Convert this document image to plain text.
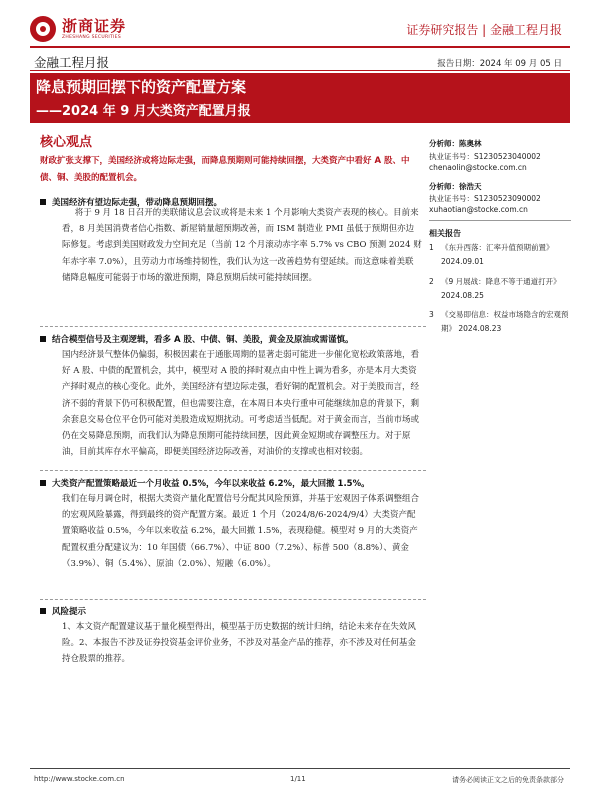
浙商证券
ZHESHANG SECURITIES	证券研究报告 | 金融工程月报
金融工程月报	报告日期：2024 年 09 月 05 日
降息预期回摆下的资产配置方案
——2024 年 9 月大类资产配置月报
核心观点
财政扩张支撑下，美国经济或将边际走强，而降息预期则可能持续回摆，大类资产中看好 A 股、中债、铜、美股的配置机会。
美国经济有望边际走强，带动降息预期回摆。
将于 9 月 18 日召开的美联储议息会议或将是未来 1 个月影响大类资产表现的核心。目前来看，8 月美国消费者信心指数、新屋销量超预期改善，而 ISM 制造业 PMI 虽低于预期但亦边际修复。考虑到美国财政发力空间充足（当前 12 个月滚动赤字率 5.7% vs CBO 预测 2024 财年赤字率 7.0%），且劳动力市场维持韧性，我们认为这一改善趋势有望延续。而这意味着美联储降息幅度可能弱于市场的激进预期，降息预期后续可能持续回摆。
结合模型信号及主观逻辑，看多 A 股、中债、铜、美股，黄金及原油或需谨慎。
国内经济景气整体仍偏弱，积极因素在于通胀周期的显著走弱可能进一步催化宽松政策落地，看好 A 股、中债的配置机会，其中，模型对 A 股的择时观点由中性上调为看多，亦是本月大类资产择时观点的核心变化。此外，美国经济有望边际走强，看好铜的配置机会。对于美股而言，经济不弱的背景下仍可积极配置，但也需要注意，在本周日本央行重申可能继续加息的背景下，剩余套息交易仓位平仓仍可能对美股造成短期扰动。可考虑适当低配。对于黄金而言，当前市场或仍在交易降息预期，而我们认为降息预期可能持续回摆，因此黄金短期或存调整压力。对于原油，目前其库存水平偏高，即便美国经济边际改善，对油价的支撑或也相对较弱。
大类资产配置策略最近一个月收益 0.5%，今年以来收益 6.2%，最大回撤 1.5%。
我们在每月调仓时，根据大类资产量化配置信号分配其风险预算，并基于宏观因子体系调整组合的宏观风险暴露，得到最终的资产配置方案。最近 1 个月（2024/8/6-2024/9/4）大类资产配置策略收益 0.5%，今年以来收益 6.2%，最大回撤 1.5%，表现稳健。模型对 9 月的大类资产配置权重分配建议为：10 年国债（66.7%）、中证 800（7.2%）、标普 500（8.8%）、黄金（3.9%）、铜（5.4%）、原油（2.0%）、短融（6.0%）。
风险提示
1、本文资产配置建议基于量化模型得出，模型基于历史数据的统计归纳，结论未来存在失效风险。2、本报告不涉及证券投资基金评价业务，不涉及对基金产品的推荐，亦不涉及对任何基金持仓股票的推荐。
分析师：陈奥林
执业证书号：S1230523040002
chenaolin@stocke.com.cn
分析师：徐浩天
执业证书号：S1230523090002
xuhaotian@stocke.com.cn
相关报告
1 《东升西落：汇率升值预期前置》 2024.09.01
2 《9 月展战：降息不等于通道打开》 2024.08.25
3 《交易即信息：权益市场隐含的宏观预期》 2024.08.23
http://www.stocke.com.cn	1/11	请务必阅读正文之后的免责条款部分
